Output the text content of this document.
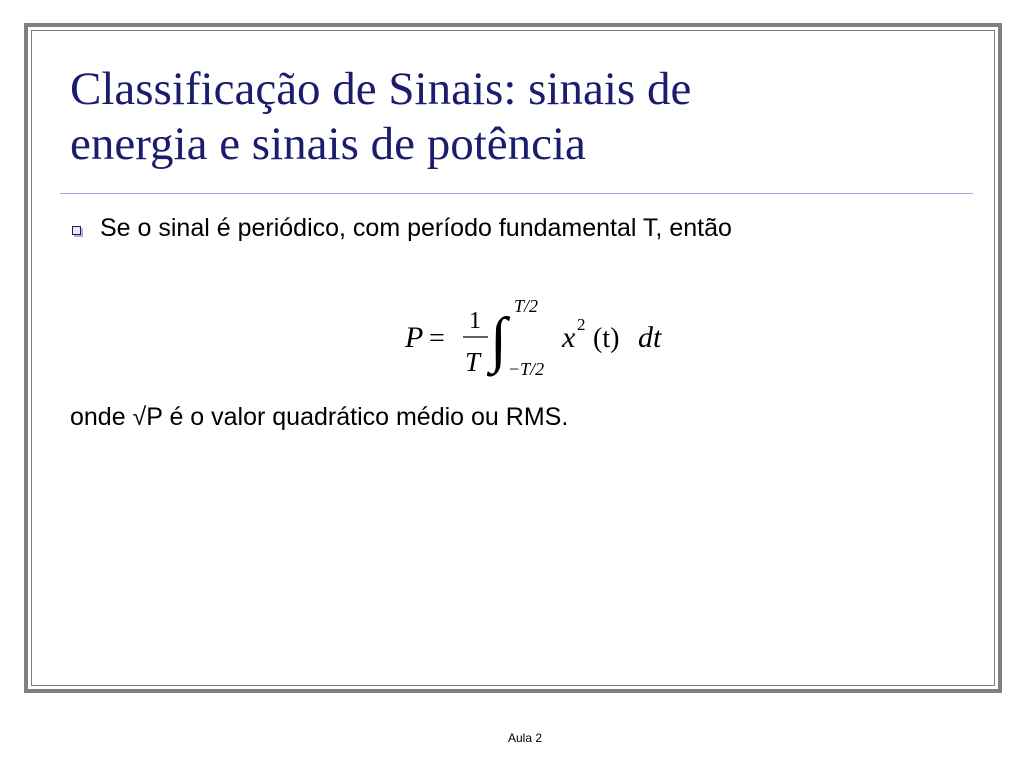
Classificação de Sinais: sinais de
energia e sinais de potência
Se o sinal é periódico, com período fundamental T, então
P =
1
T ∫ T/2
−T/2
x 2 (t) dt
onde √P é o valor quadrático médio ou RMS.
Aula 2
